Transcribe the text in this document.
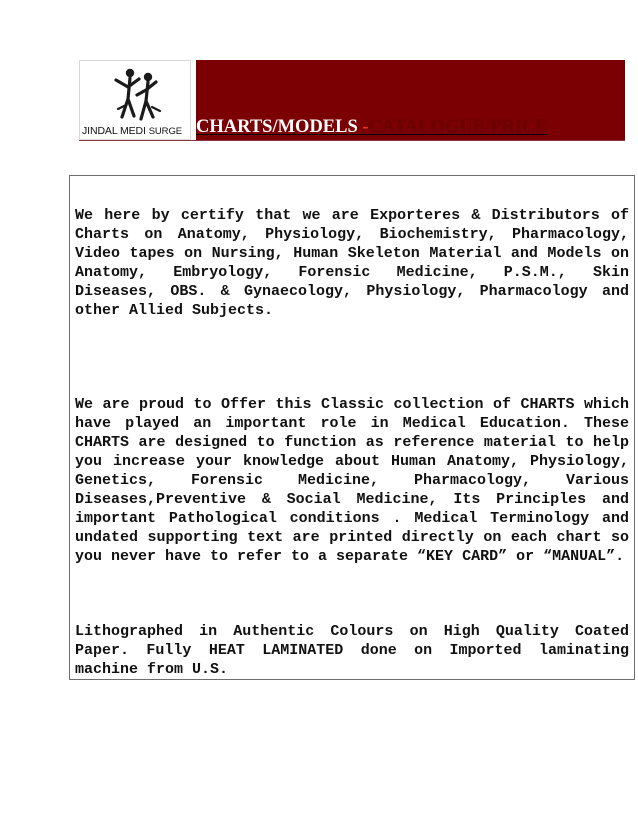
JINDAL MEDI SURGE CHARTS/MODELS -CATALOGUE/PRICE

We here by certify that we are Exporteres & Distributors of Charts on Anatomy, Physiology, Biochemistry, Pharmacology, Video tapes on Nursing, Human Skeleton Material and Models on Anatomy, Embryology, Forensic Medicine, P.S.M., Skin Diseases, OBS. & Gynaecology, Physiology, Pharmacology and other Allied Subjects.

We are proud to Offer this Classic collection of CHARTS which have played an important role in Medical Education. These CHARTS are designed to function as reference material to help you increase your knowledge about Human Anatomy, Physiology, Genetics, Forensic Medicine, Pharmacology, Various Diseases,Preventive & Social Medicine, Its Principles and important Pathological conditions . Medical Terminology and undated supporting text are printed directly on each chart so you never have to refer to a separate “KEY CARD” or “MANUAL”.

Lithographed in Authentic Colours on High Quality Coated Paper. Fully HEAT LAMINATED done on Imported laminating machine from U.S.
